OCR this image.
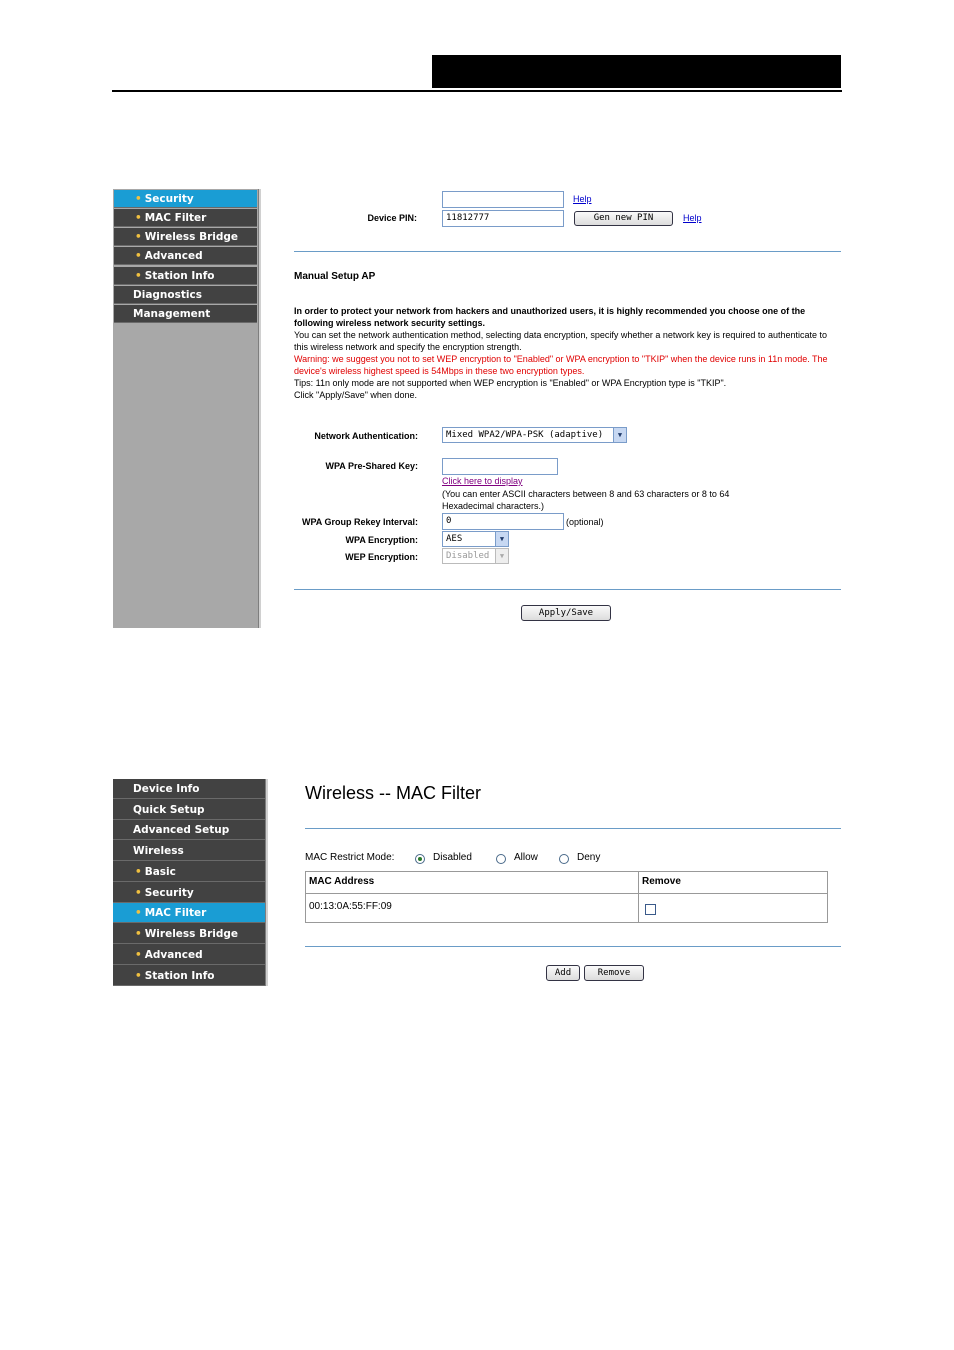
• Security
• MAC Filter
• Wireless Bridge
• Advanced
• Station Info
Diagnostics
Management
Help
Device PIN:	11812777	Gen new PIN	Help
Manual Setup AP
In order to protect your network from hackers and unauthorized users, it is highly recommended you choose one of the following wireless network security settings.
You can set the network authentication method, selecting data encryption, specify whether a network key is required to authenticate to this wireless network and specify the encryption strength.
Warning: we suggest you not to set WEP encryption to "Enabled" or WPA encryption to "TKIP" when the device runs in 11n mode. The device's wireless highest speed is 54Mbps in these two encryption types.
Tips: 11n only mode are not supported when WEP encryption is "Enabled" or WPA Encryption type is "TKIP".
Click "Apply/Save" when done.
Network Authentication:	Mixed WPA2/WPA-PSK (adaptive)	▼
WPA Pre-Shared Key:
Click here to display
(You can enter ASCII characters between 8 and 63 characters or 8 to 64 Hexadecimal characters.)
WPA Group Rekey Interval:	0	(optional)
WPA Encryption:	AES	▼
WEP Encryption:	Disabled	▼
Apply/Save
Device Info
Quick Setup
Advanced Setup
Wireless
• Basic
• Security
• MAC Filter
• Wireless Bridge
• Advanced
• Station Info
Wireless -- MAC Filter
MAC Restrict Mode:	Disabled	Allow	Deny
MAC Address	Remove
00:13:0A:55:FF:09
Add	Remove
